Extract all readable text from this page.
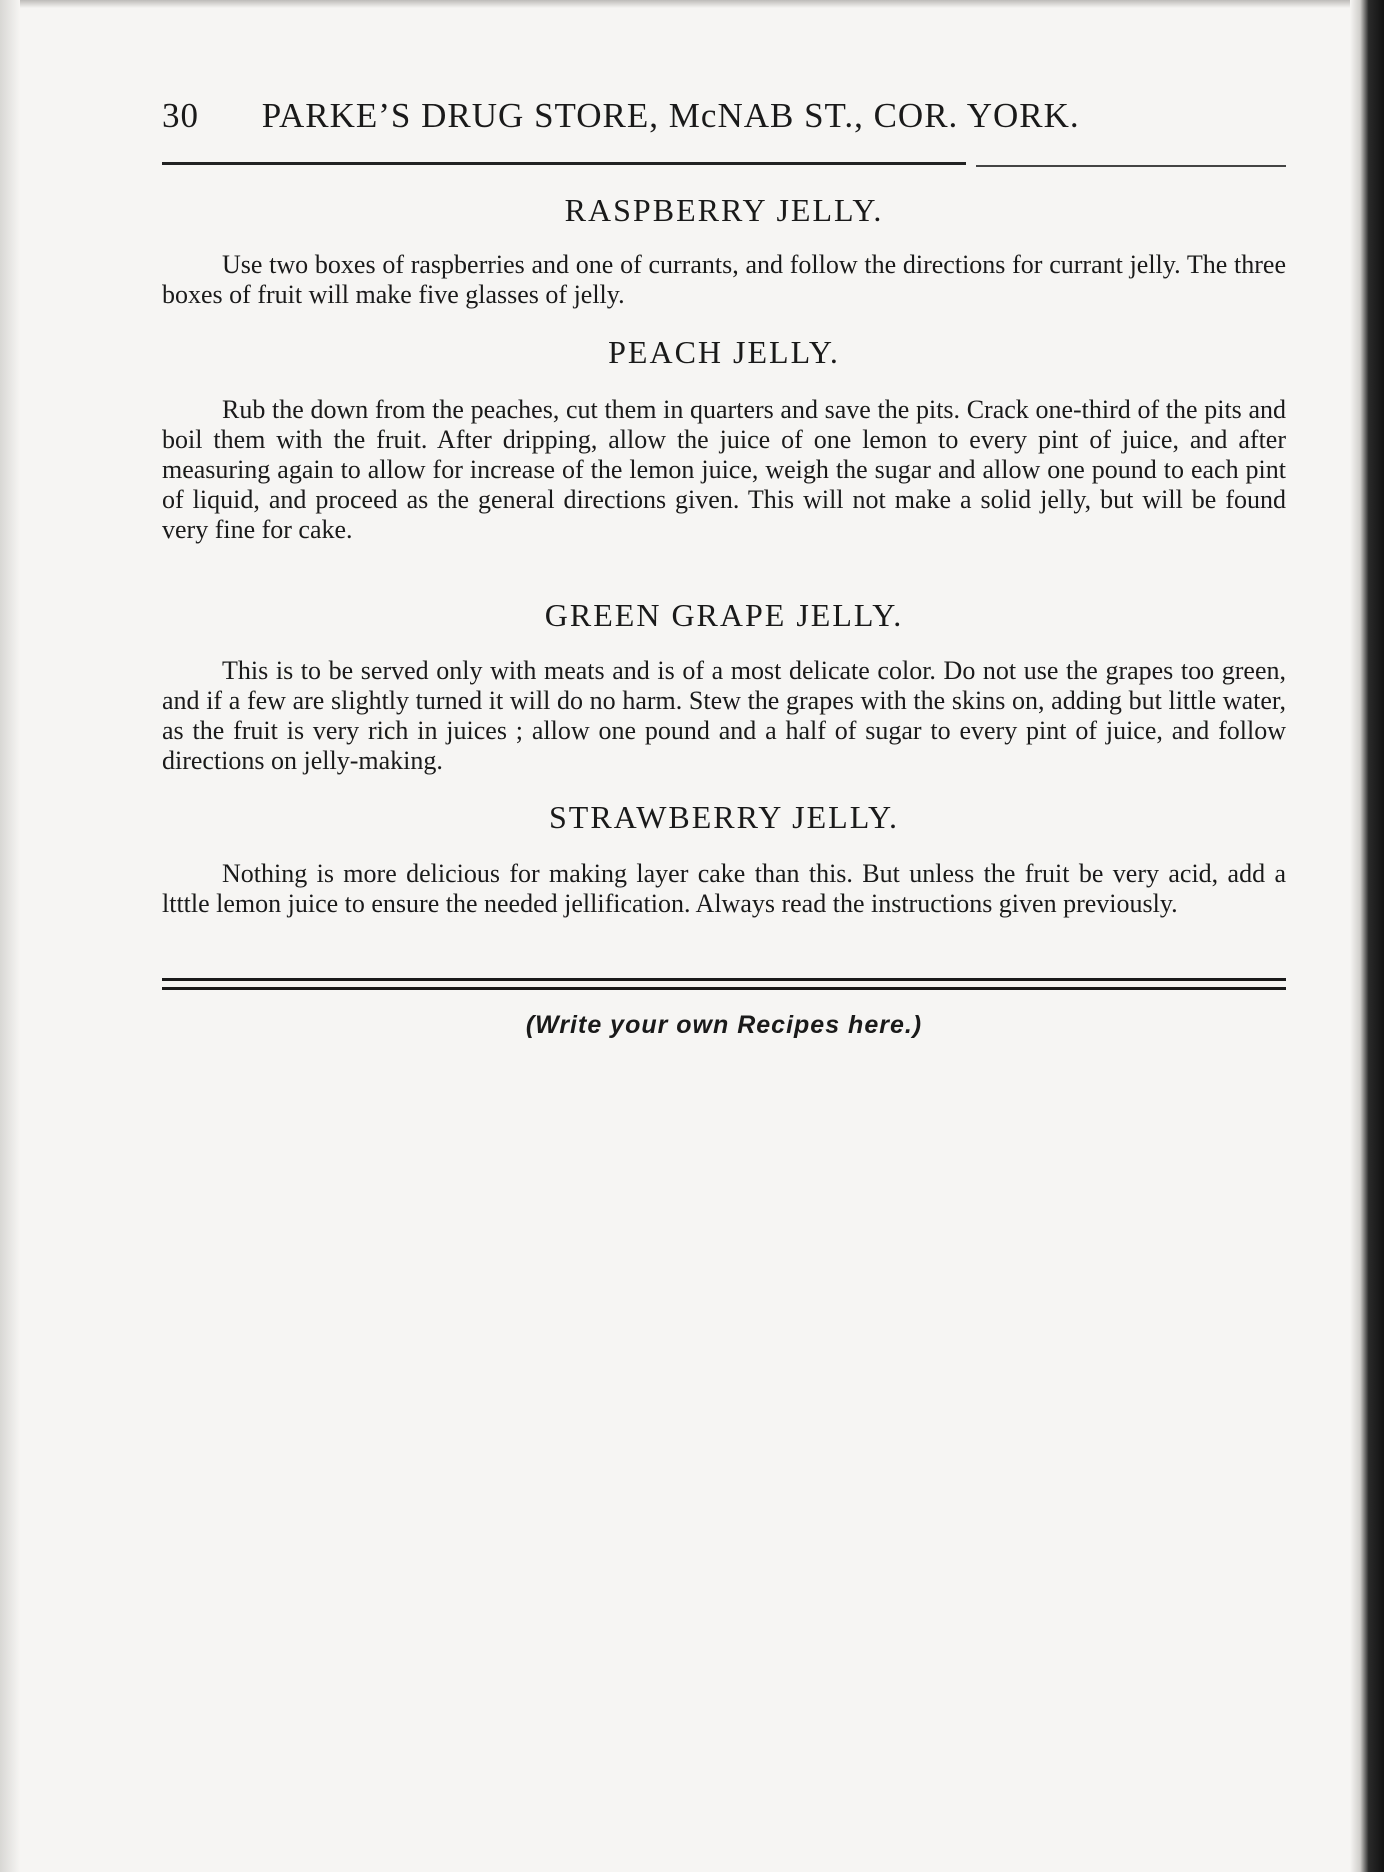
30 PARKE’S DRUG STORE, McNAB ST., COR. YORK.
RASPBERRY JELLY.

Use two boxes of raspberries and one of currants, and follow the directions for currant jelly. The three boxes of fruit will make five glasses of jelly.

PEACH JELLY.

Rub the down from the peaches, cut them in quarters and save the pits. Crack one-third of the pits and boil them with the fruit. After dripping, allow the juice of one lemon to every pint of juice, and after measuring again to allow for increase of the lemon juice, weigh the sugar and allow one pound to each pint of liquid, and proceed as the general directions given. This will not make a solid jelly, but will be found very fine for cake.

GREEN GRAPE JELLY.

This is to be served only with meats and is of a most delicate color. Do not use the grapes too green, and if a few are slightly turned it will do no harm. Stew the grapes with the skins on, adding but little water, as the fruit is very rich in juices ; allow one pound and a half of sugar to every pint of juice, and follow directions on jelly-making.

STRAWBERRY JELLY.

Nothing is more delicious for making layer cake than this. But unless the fruit be very acid, add a ltttle lemon juice to ensure the needed jellification. Always read the instructions given previously.

(Write your own Recipes here.)
